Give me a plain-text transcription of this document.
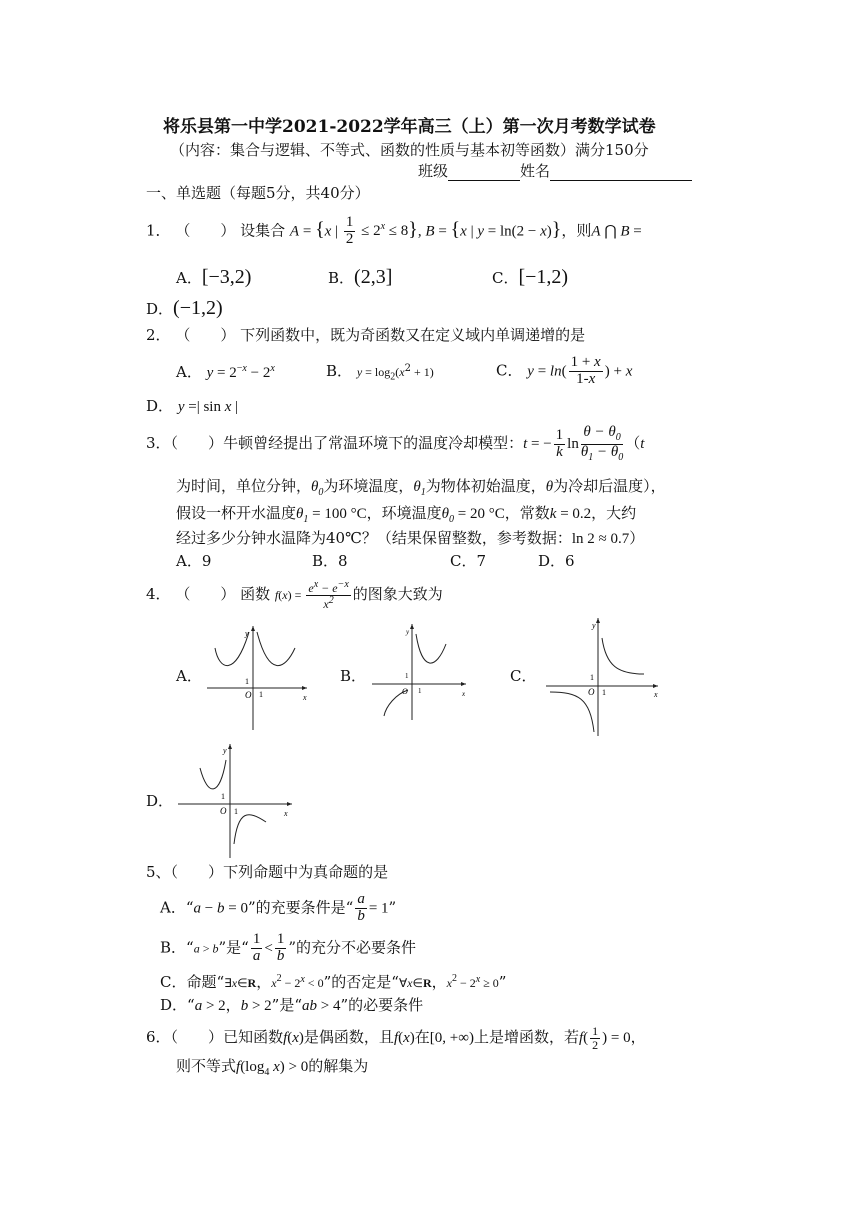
将乐县第一中学2021-2022学年高三（上）第一次月考数学试卷
（内容：集合与逻辑、不等式、函数的性质与基本初等函数）满分150分
班级	姓名
一、单选题（每题5分，共40分）
1． （　　） 设集合 A = {x | $\frac{1}{2} \le 2^x \le 8$}, B = {x | y = ln(2 − x)}，则A ⋂ B =
A．[−3,2)	B．(2,3]	C．[−1,2)
D．(−1,2)
2． （　　） 下列函数中，既为奇函数又在定义域内单调递增的是
A． $y = 2^{-x} - 2^x$	B． $y = \log_2(x^2 + 1)$	C． $y = \ln( \frac{1 + x}{1-x}$ ) + x
D． y =| sin x |
3．（　　）牛顿曾经提出了常温环境下的温度冷却模型：t = − $\frac{1}{k}$ $\ln \frac{\theta - \theta_0}{\theta_1 - \theta_0} (t$
为时间，单位分钟，$\theta_0$为环境温度，$\theta_1$为物体初始温度，θ为冷却后温度），
假设一杯开水温度$\theta_1 = 100$ °C，环境温度$\theta_0 = 20$ °C，常数k = 0.2，大约
经过多少分钟水温降为40℃？（结果保留整数，参考数据：ln 2 ≈ 0.7）
A．9	B．8	C．7	D．6
4． （　　） 函数 $f(x) = \frac{e^x - e^{-x}}{x^2}$ 的图象大致为
A．	B．	C．
D．
y
x
O
1
1
y
x
O
1
1
y
x
O
1
1
y
x
O
1
1
5、（　　）下列命题中为真命题的是
A．“a − b = 0”的充要条件是“ $\frac{a}{b} = 1$”
B．“a > b”是“ $\frac{1}{a} < \frac{1}{b}$ ”的充分不必要条件
C．命题“∃x∈R，$x^2 - 2^x < 0$”的否定是“∀x∈R，$x^2 - 2^x \ge 0$”
D．“a > 2，b > 2”是“ab > 4”的必要条件
6．（　　）已知函数f(x)是偶函数，且f(x)在[0, +∞)上是增函数，若$f( \frac{1}{2}$ ) = 0，
则不等式$f(\log_4$ x) > 0的解集为
